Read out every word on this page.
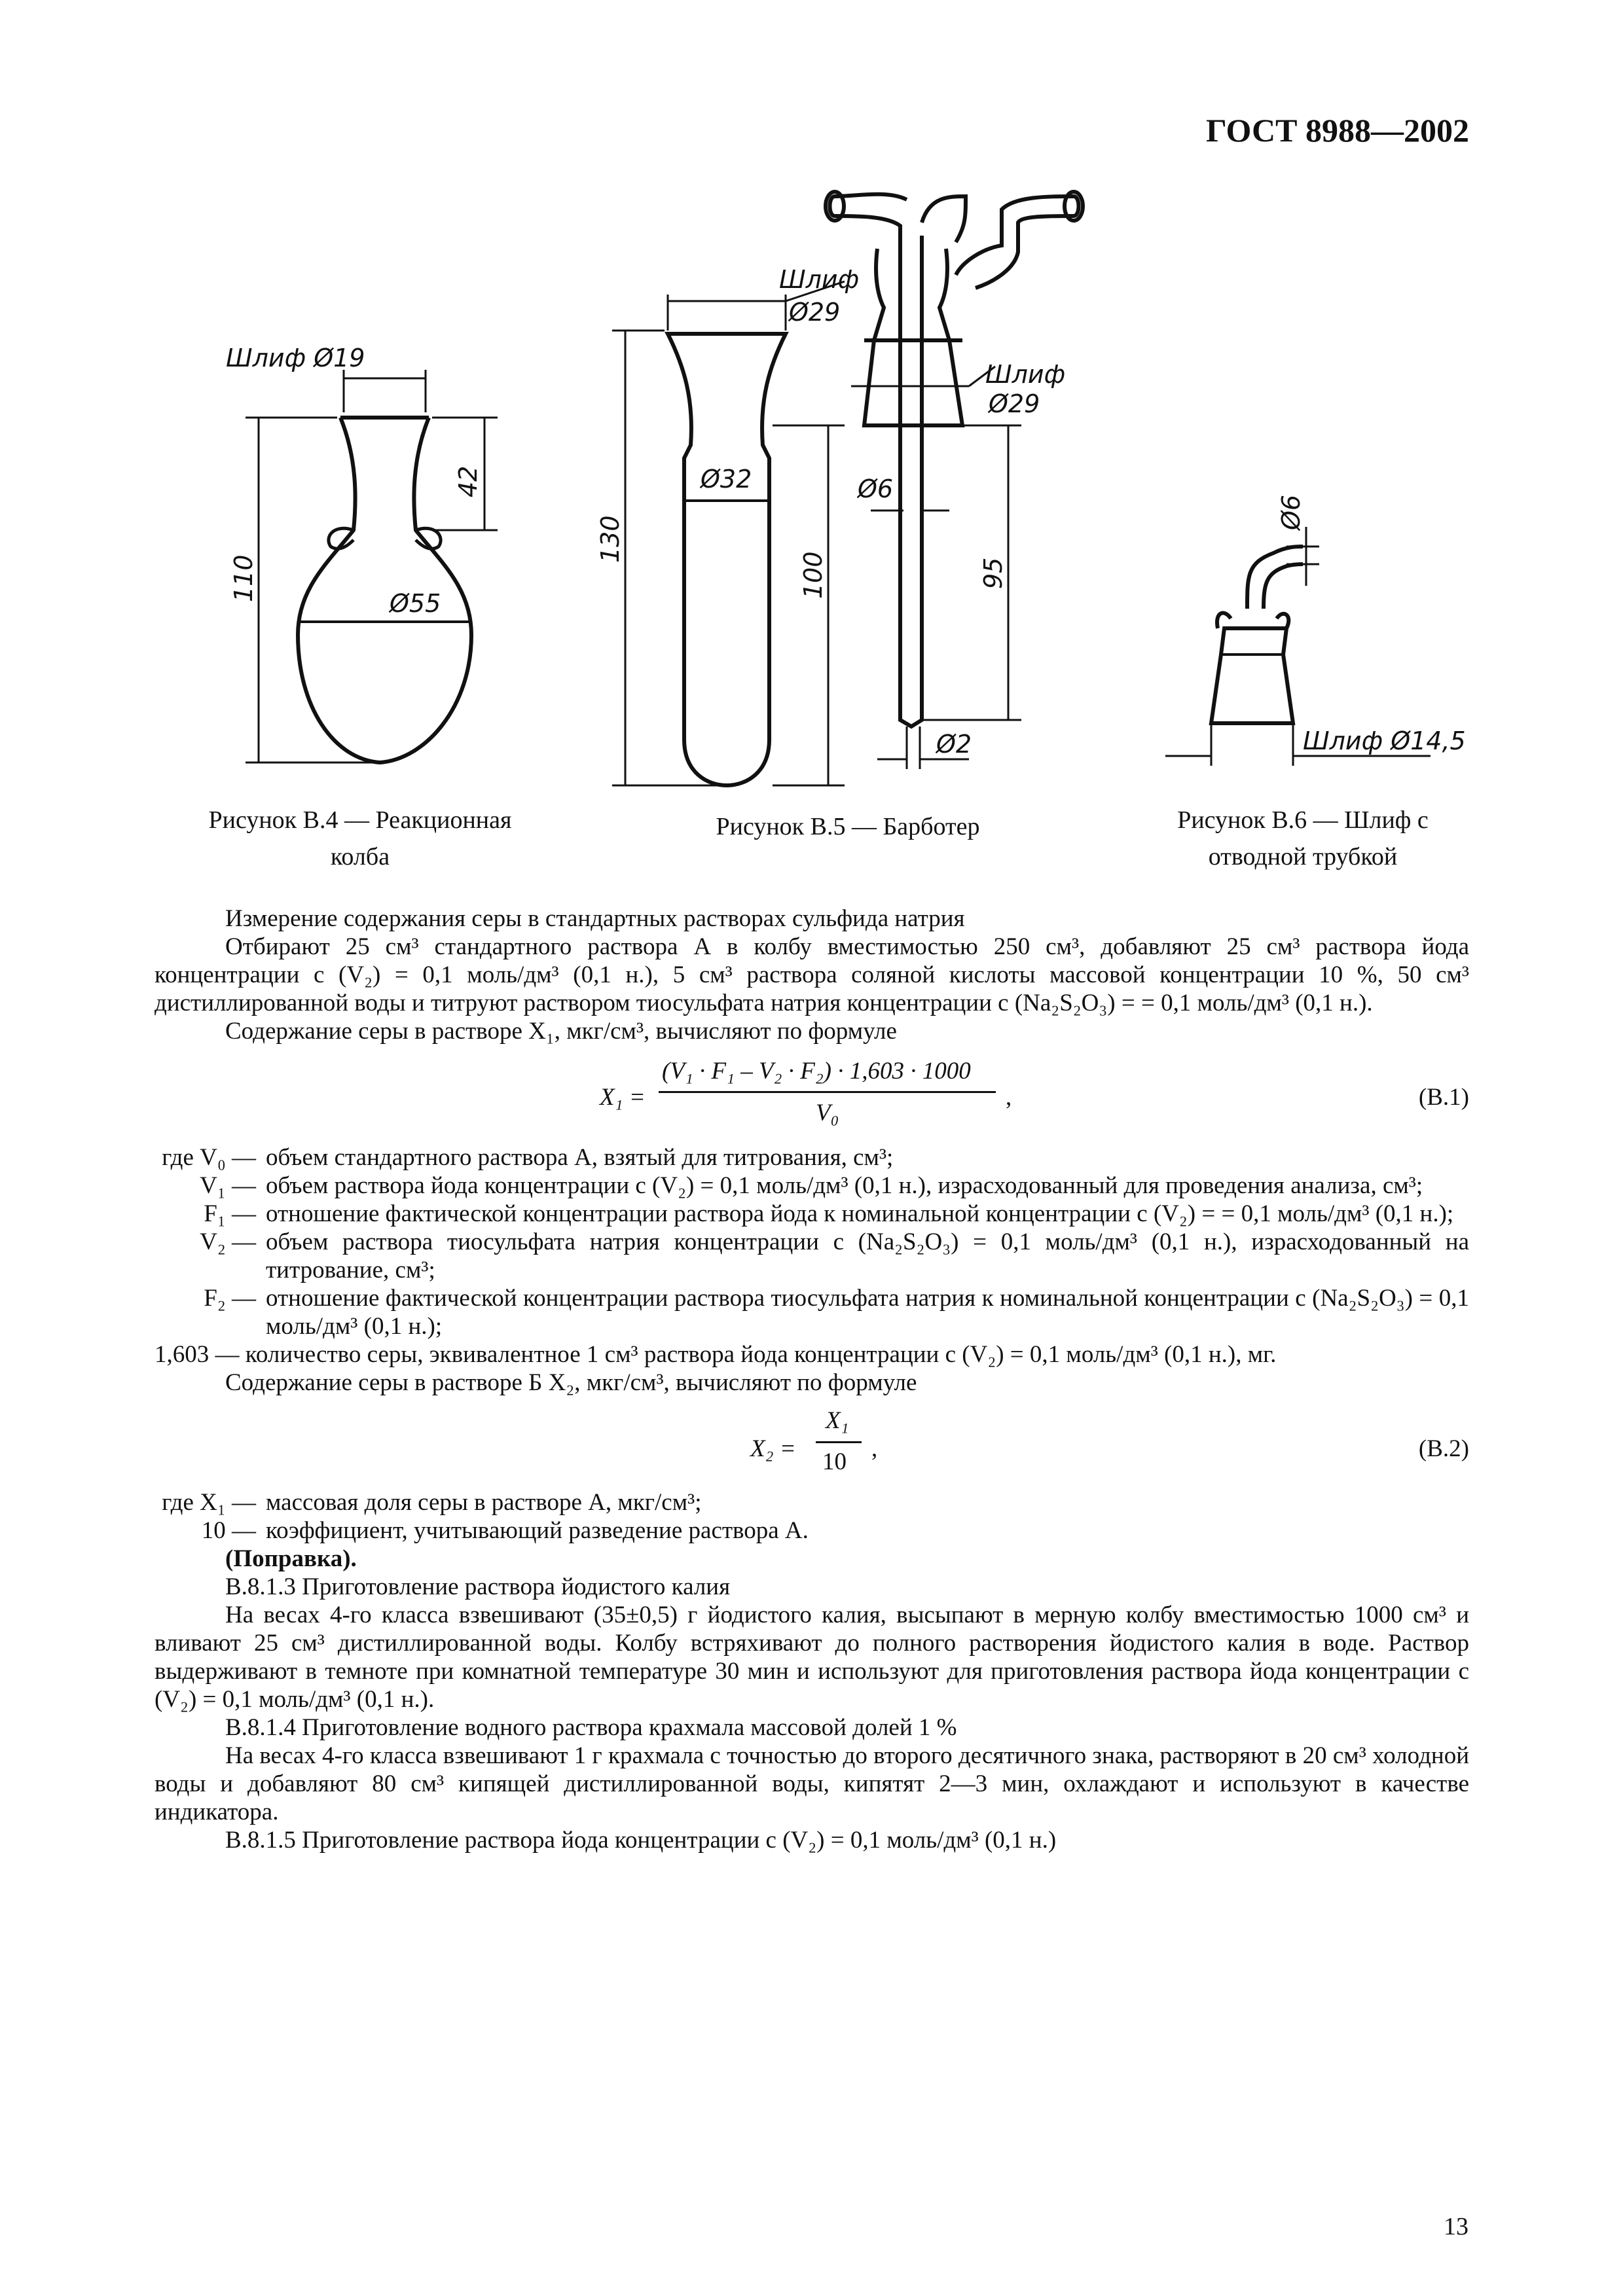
ГОСТ 8988—2002
Шлиф Ø19
110
42
Ø55
Шлиф
Ø29
130
Ø32
100
Шлиф
Ø29
Ø6
95
Ø2
Ø6
Шлиф Ø14,5
Рисунок В.4 — Реакционная колба
Рисунок В.5 — Барботер	Рисунок В.6 — Шлиф с отводной трубкой

Измерение содержания серы в стандартных растворах сульфида натрия

Отбирают 25 см³ стандартного раствора А в колбу вместимостью 250 см³, добавляют 25 см³ раствора йода концентрации с (V₂) = 0,1 моль/дм³ (0,1 н.), 5 см³ раствора соляной кислоты массовой концентрации 10 %, 50 см³ дистиллированной воды и титруют раствором тиосульфата натрия концентрации с (Na₂S₂O₃) = = 0,1 моль/дм³ (0,1 н.).

Содержание серы в растворе X₁, мкг/см³, вычисляют по формуле

X₁ =
(V₁ · F₁ – V₂ · F₂) · 1,603 · 1000
V₀
,	(В.1)
где V₀ — объем стандартного раствора А, взятый для титрования, см³;
V₁ — объем раствора йода концентрации с (V₂) = 0,1 моль/дм³ (0,1 н.), израсходованный для проведения анализа, см³;
F₁ — отношение фактической концентрации раствора йода к номинальной концентрации с (V₂) = = 0,1 моль/дм³ (0,1 н.);
V₂ — объем раствора тиосульфата натрия концентрации с (Na₂S₂O₃) = 0,1 моль/дм³ (0,1 н.), израсходованный на титрование, см³;
F₂ — отношение фактической концентрации раствора тиосульфата натрия к номинальной концентрации с (Na₂S₂O₃) = 0,1 моль/дм³ (0,1 н.);

1,603 — количество серы, эквивалентное 1 см³ раствора йода концентрации с (V₂) = 0,1 моль/дм³ (0,1 н.), мг.

Содержание серы в растворе Б X₂, мкг/см³, вычисляют по формуле

X₂ =
X₁
10 ,	(В.2)
где X₁ — массовая доля серы в растворе А, мкг/см³;
10 — коэффициент, учитывающий разведение раствора А.

(Поправка).

В.8.1.3 Приготовление раствора йодистого калия

На весах 4-го класса взвешивают (35±0,5) г йодистого калия, высыпают в мерную колбу вместимостью 1000 см³ и вливают 25 см³ дистиллированной воды. Колбу встряхивают до полного растворения йодистого калия в воде. Раствор выдерживают в темноте при комнатной температуре 30 мин и используют для приготовления раствора йода концентрации с (V₂) = 0,1 моль/дм³ (0,1 н.).

В.8.1.4 Приготовление водного раствора крахмала массовой долей 1 %

На весах 4-го класса взвешивают 1 г крахмала с точностью до второго десятичного знака, растворяют в 20 см³ холодной воды и добавляют 80 см³ кипящей дистиллированной воды, кипятят 2—3 мин, охлаждают и используют в качестве индикатора.

В.8.1.5 Приготовление раствора йода концентрации с (V₂) = 0,1 моль/дм³ (0,1 н.)

13
